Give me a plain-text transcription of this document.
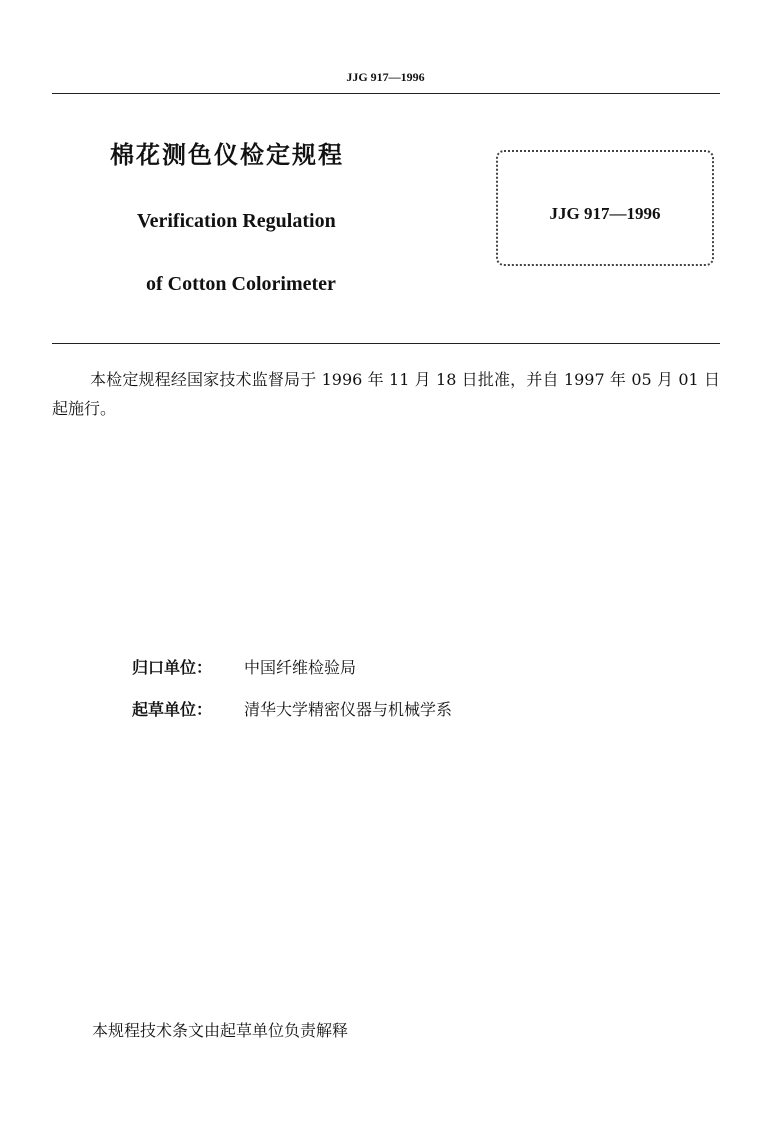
JJG 917—1996
棉花测色仪检定规程
Verification Regulation
of Cotton Colorimeter
JJG 917—1996
本检定规程经国家技术监督局于 1996 年 11 月 18 日批准，并自 1997 年 05 月 01 日起施行。
归口单位： 中国纤维检验局
起草单位： 清华大学精密仪器与机械学系
本规程技术条文由起草单位负责解释
